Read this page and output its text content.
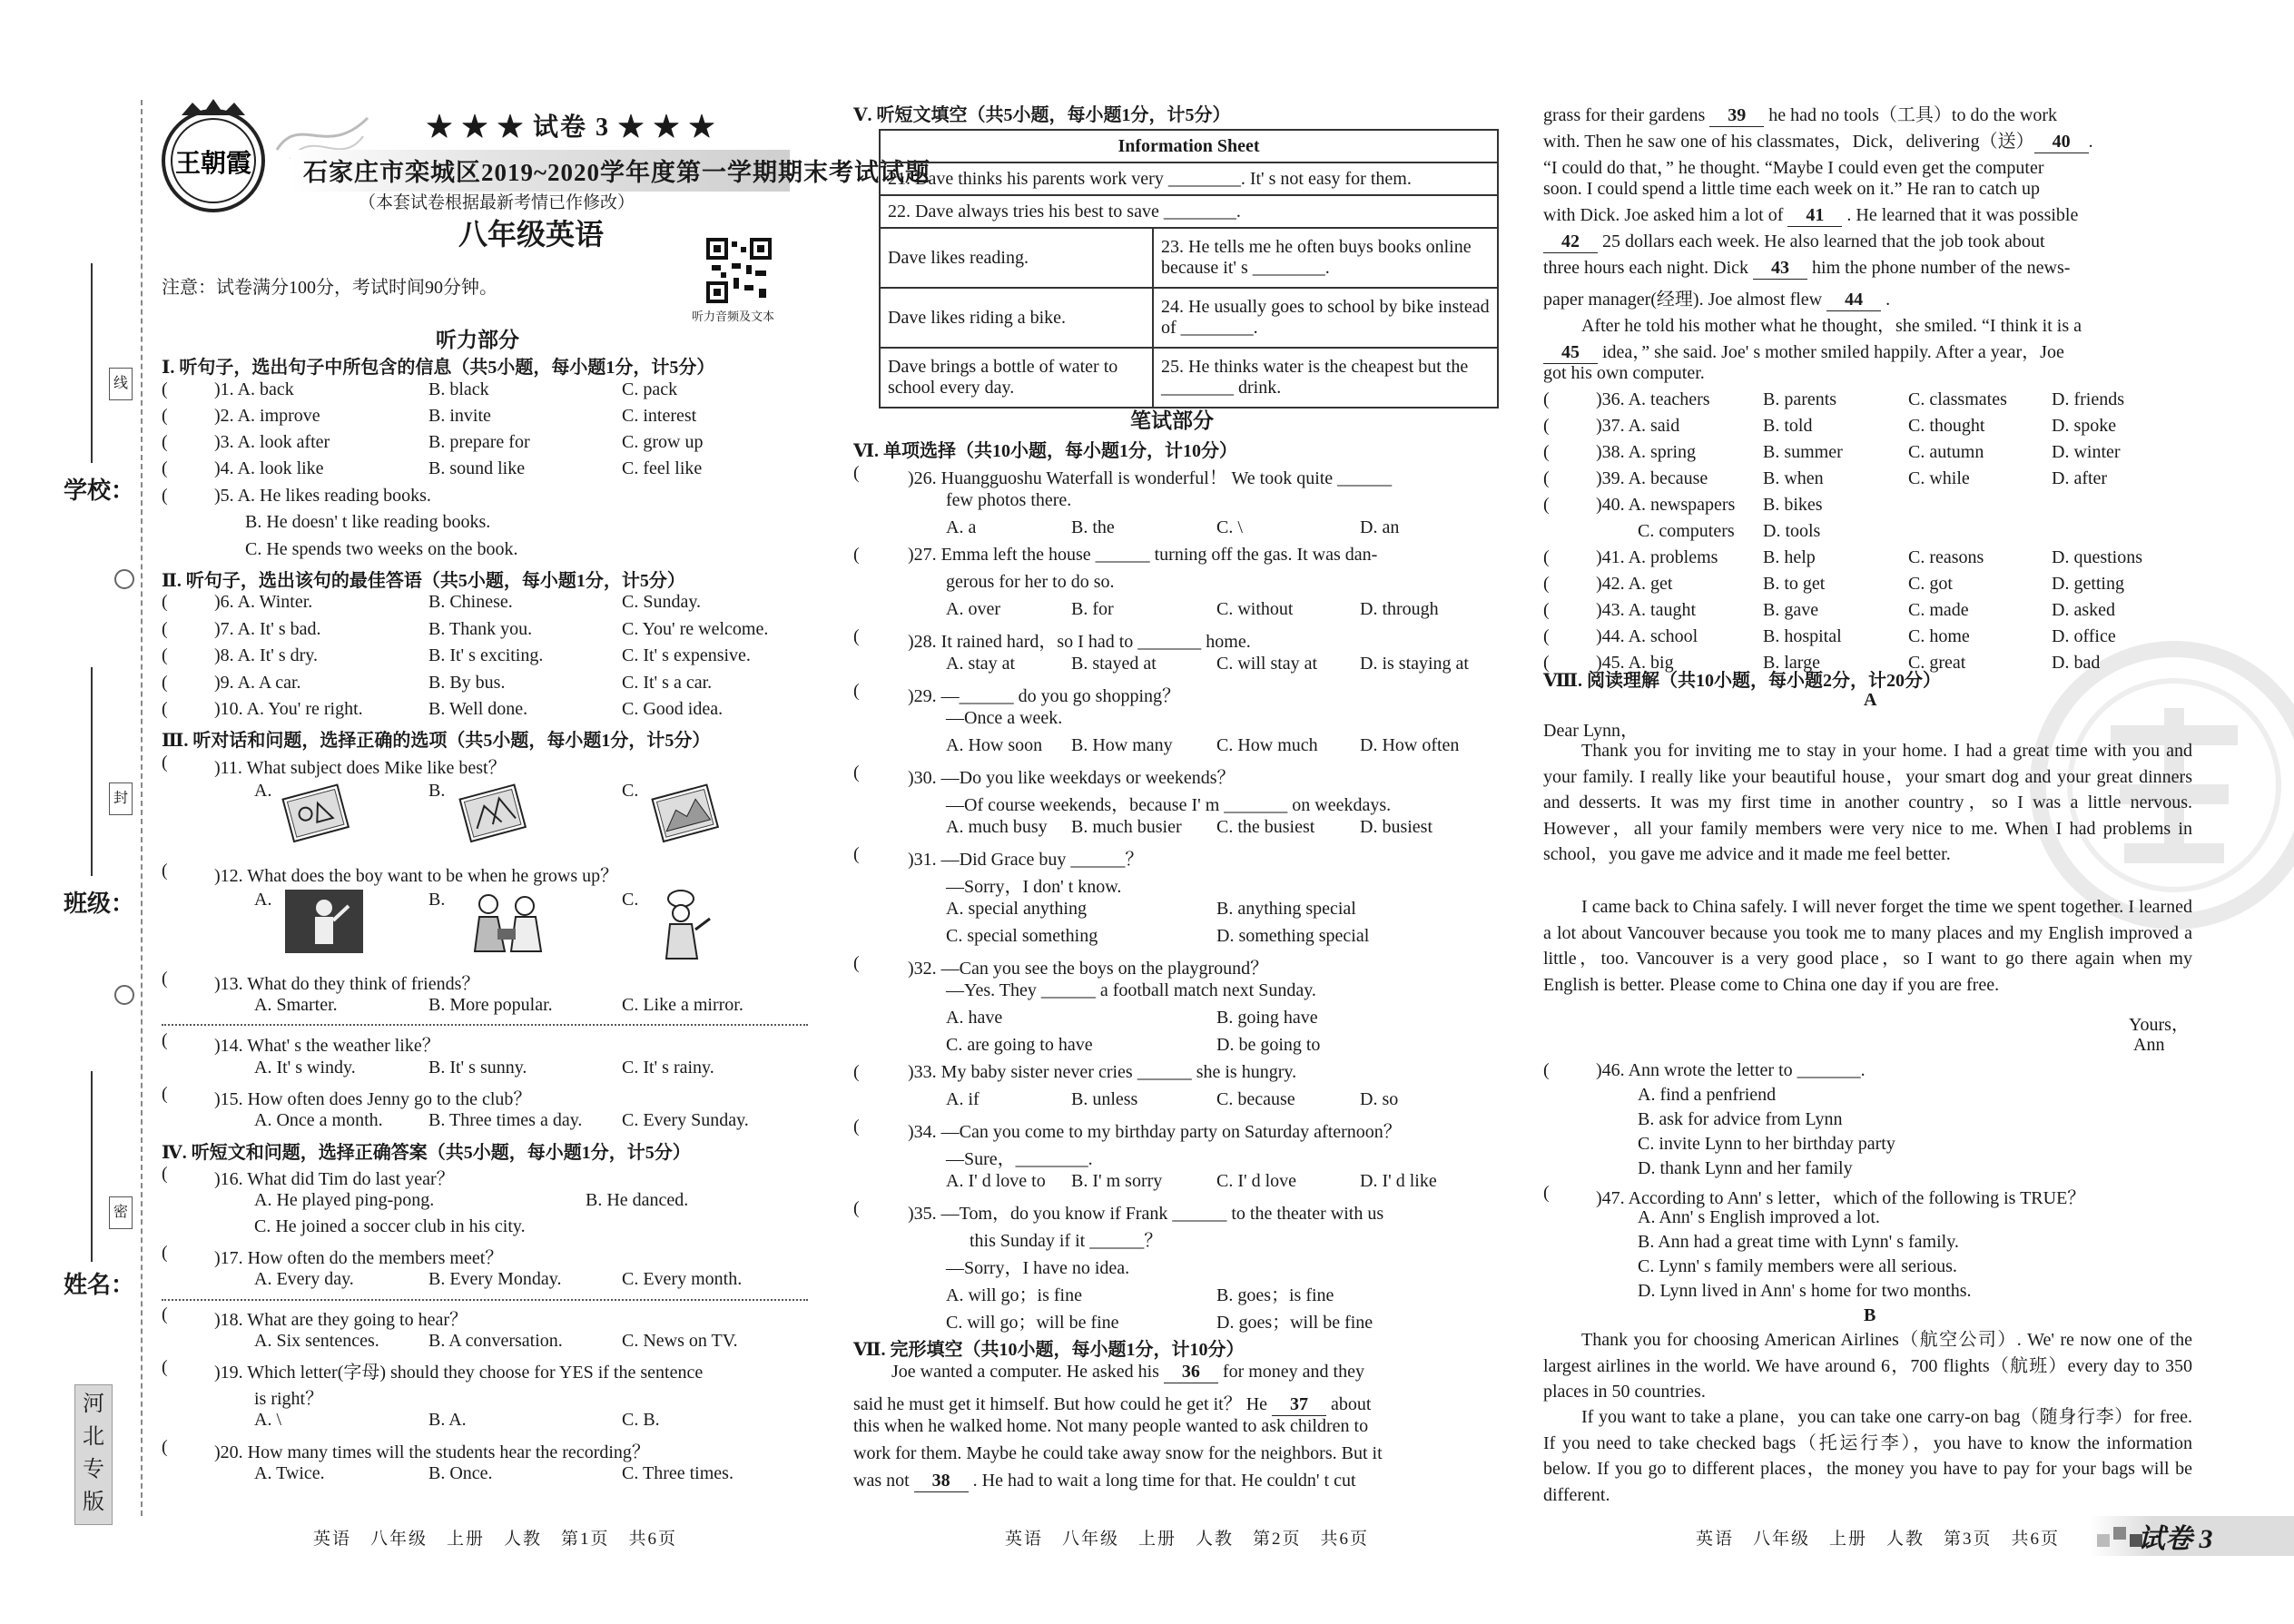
学校：
班级：
姓名：
线
封
密
河
北
专
版
王朝霞
★ ★ ★ 试卷 3 ★ ★ ★
石家庄市栾城区2019~2020学年度第一学期期末考试试题
（本套试卷根据最新考情已作修改）
八年级英语
注意：试卷满分100分，考试时间90分钟。
听力音频及文本
听力部分
Ⅰ. 听句子，选出句子中所包含的信息（共5小题，每小题1分，计5分）
(	)1. A. back	B. black	C. pack
(	)2. A. improve	B. invite	C. interest
(	)3. A. look after	B. prepare for	C. grow up
(	)4. A. look like	B. sound like	C. feel like
(	)5. A. He likes reading books.
B. He doesn' t like reading books.
C. He spends two weeks on the book.
Ⅱ. 听句子，选出该句的最佳答语（共5小题，每小题1分，计5分）
(	)6. A. Winter.	B. Chinese.	C. Sunday.
(	)7. A. It' s bad.	B. Thank you.	C. You' re welcome.
(	)8. A. It' s dry.	B. It' s exciting.	C. It' s expensive.
(	)9. A. A car.	B. By bus.	C. It' s a car.
(	)10. A. You' re right.	B. Well done.	C. Good idea.
Ⅲ. 听对话和问题，选择正确的选项（共5小题，每小题1分，计5分）
(	)11. What subject does Mike like best？
A.	B.	C.
(	)12. What does the boy want to be when he grows up？
A.	B.	C.
(	)13. What do they think of friends？
A. Smarter.	B. More popular.	C. Like a mirror.
(	)14. What' s the weather like？
A. It' s windy.	B. It' s sunny.	C. It' s rainy.
(	)15. How often does Jenny go to the club？
A. Once a month.	B. Three times a day. C. Every Sunday.
Ⅳ. 听短文和问题，选择正确答案（共5小题，每小题1分，计5分）
(	)16. What did Tim do last year？
A. He played ping-pong.	B. He danced.
C. He joined a soccer club in his city.
(	)17. How often do the members meet？
A. Every day.	B. Every Monday.	C. Every month.
(	)18. What are they going to hear？
A. Six sentences.	B. A conversation.	C. News on TV.
(	)19. Which letter(字母) should they choose for YES if the sentence
is right？
A. \	B. A.	C. B.
(	)20. How many times will the students hear the recording？
A. Twice.	B. Once.	C. Three times.
Ⅴ. 听短文填空（共5小题，每小题1分，计5分）
Information Sheet	
21. Dave thinks his parents work very ________. It' s not easy for them.	
22. Dave always tries his best to save ________.	
Dave likes reading.	23. He tells me he often buys books online because it' s ________.
Dave likes riding a bike.	24. He usually goes to school by bike instead of ________.
Dave brings a bottle of water to school every day.	25. He thinks water is the cheapest but the ________ drink.
笔试部分
Ⅵ. 单项选择（共10小题，每小题1分，计10分）
(	)26. Huangguoshu Waterfall is wonderful！ We took quite ______
few photos there.
A. a	B. the	C. \	D. an
(	)27. Emma left the house ______ turning off the gas. It was dan-
gerous for her to do so.
A. over	B. for	C. without	D. through
(	)28. It rained hard，so I had to _______ home.
A. stay at	B. stayed at	C. will stay at D. is staying at
(	)29. —______ do you go shopping？
—Once a week.
A. How soon B. How many C. How much D. How often
(	)30. —Do you like weekdays or weekends？
—Of course weekends，because I' m _______ on weekdays.
A. much busy B. much busier C. the busiest D. busiest
(	)31. —Did Grace buy ______？
—Sorry，I don' t know.
A. special anything	B. anything special
C. special something	D. something special
(	)32. —Can you see the boys on the playground？
—Yes. They ______ a football match next Sunday.
A. have	B. going have
C. are going to have	D. be going to
(	)33. My baby sister never cries ______ she is hungry.
A. if	B. unless	C. because	D. so
(	)34. —Can you come to my birthday party on Saturday afternoon？
—Sure，________.
A. I' d love to B. I' m sorry	C. I' d love	D. I' d like
(	)35. —Tom，do you know if Frank ______ to the theater with us
this Sunday if it ______？
—Sorry，I have no idea.
A. will go；is fine	B. goes；is fine
C. will go；will be fine	D. goes；will be fine
Ⅶ. 完形填空（共10小题，每小题1分，计10分）
Joe wanted a computer. He asked his 36 for money and they
said he must get it himself. But how could he get it？ He 37 about
this when he walked home. Not many people wanted to ask children to
work for them. Maybe he could take away snow for the neighbors. But it
was not 38 . He had to wait a long time for that. He couldn' t cut
grass for their gardens 39 he had no tools（工具）to do the work
with. Then he saw one of his classmates，Dick，delivering（送） 40 .
“I could do that，” he thought. “Maybe I could even get the computer
soon. I could spend a little time each week on it.” He ran to catch up
with Dick. Joe asked him a lot of 41 . He learned that it was possible
42 25 dollars each week. He also learned that the job took about
three hours each night. Dick 43 him the phone number of the news-
paper manager(经理). Joe almost flew 44 .
After he told his mother what he thought，she smiled. “I think it is a
45 idea，” she said. Joe' s mother smiled happily. After a year，Joe
got his own computer.
(	)36. A. teachers	B. parents	C. classmates D. friends
(	)37. A. said	B. told	C. thought	D. spoke
(	)38. A. spring	B. summer	C. autumn	D. winter
(	)39. A. because	B. when	C. while	D. after
(	)40. A. newspapers B. bikes
C. computers D. tools
(	)41. A. problems B. help	C. reasons	D. questions
(	)42. A. get	B. to get	C. got	D. getting
(	)43. A. taught	B. gave	C. made	D. asked
(	)44. A. school	B. hospital	C. home	D. office
(	)45. A. big	B. large	C. great	D. bad
Ⅷ. 阅读理解（共10小题，每小题2分，计20分）
A
Dear Lynn，
Thank you for inviting me to stay in your home. I had a great time with you and your family. I really like your beautiful house，your smart dog and your great dinners and desserts. It was my first time in another country，so I was a little nervous. However，all your family members were very nice to me. When I had problems in school，you gave me advice and it made me feel better.
I came back to China safely. I will never forget the time we spent together. I learned a lot about Vancouver because you took me to many places and my English improved a little，too. Vancouver is a very good place，so I want to go there again when my English is better. Please come to China one day if you are free.
Yours，
Ann
(	)46. Ann wrote the letter to _______.
A. find a penfriend
B. ask for advice from Lynn
C. invite Lynn to her birthday party
D. thank Lynn and her family
(	)47. According to Ann' s letter，which of the following is TRUE？
A. Ann' s English improved a lot.
B. Ann had a great time with Lynn' s family.
C. Lynn' s family members were all serious.
D. Lynn lived in Ann' s home for two months.
B
Thank you for choosing American Airlines（航空公司）. We' re now one of the largest airlines in the world. We have around 6，700 flights（航班）every day to 350 places in 50 countries.
If you want to take a plane，you can take one carry-on bag（随身行李）for free. If you need to take checked bags（托运行李），you have to know the information below. If you go to different places，the money you have to pay for your bags will be different.
英语　八年级　上册　人教　第1页　共6页	英语　八年级　上册　人教　第2页　共6页	英语　八年级　上册　人教　第3页　共6页	试卷 3
